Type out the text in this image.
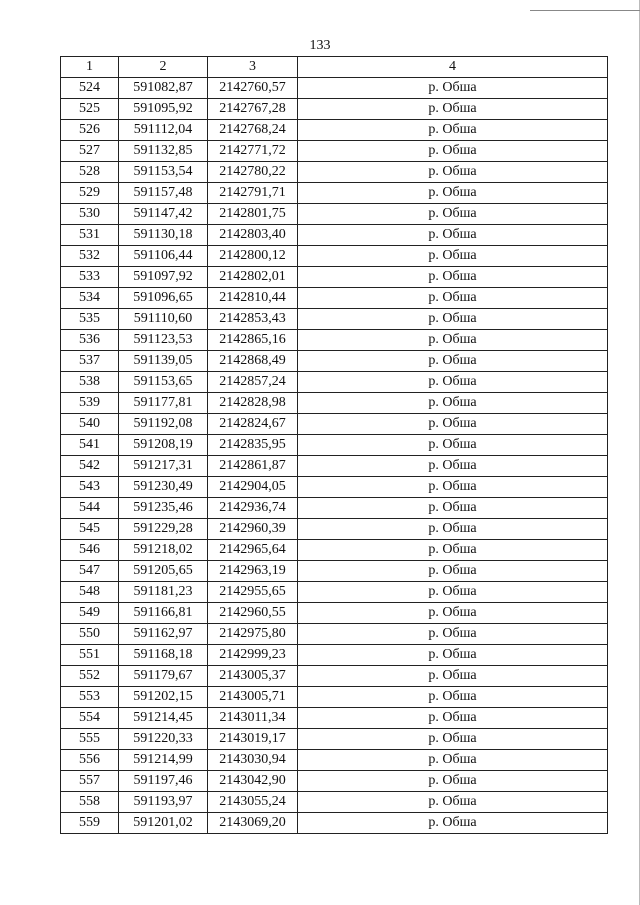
133
1	2	3	4
524	591082,87	2142760,57	р. Обша
525	591095,92	2142767,28	р. Обша
526	591112,04	2142768,24	р. Обша
527	591132,85	2142771,72	р. Обша
528	591153,54	2142780,22	р. Обша
529	591157,48	2142791,71	р. Обша
530	591147,42	2142801,75	р. Обша
531	591130,18	2142803,40	р. Обша
532	591106,44	2142800,12	р. Обша
533	591097,92	2142802,01	р. Обша
534	591096,65	2142810,44	р. Обша
535	591110,60	2142853,43	р. Обша
536	591123,53	2142865,16	р. Обша
537	591139,05	2142868,49	р. Обша
538	591153,65	2142857,24	р. Обша
539	591177,81	2142828,98	р. Обша
540	591192,08	2142824,67	р. Обша
541	591208,19	2142835,95	р. Обша
542	591217,31	2142861,87	р. Обша
543	591230,49	2142904,05	р. Обша
544	591235,46	2142936,74	р. Обша
545	591229,28	2142960,39	р. Обша
546	591218,02	2142965,64	р. Обша
547	591205,65	2142963,19	р. Обша
548	591181,23	2142955,65	р. Обша
549	591166,81	2142960,55	р. Обша
550	591162,97	2142975,80	р. Обша
551	591168,18	2142999,23	р. Обша
552	591179,67	2143005,37	р. Обша
553	591202,15	2143005,71	р. Обша
554	591214,45	2143011,34	р. Обша
555	591220,33	2143019,17	р. Обша
556	591214,99	2143030,94	р. Обша
557	591197,46	2143042,90	р. Обша
558	591193,97	2143055,24	р. Обша
559	591201,02	2143069,20	р. Обша
